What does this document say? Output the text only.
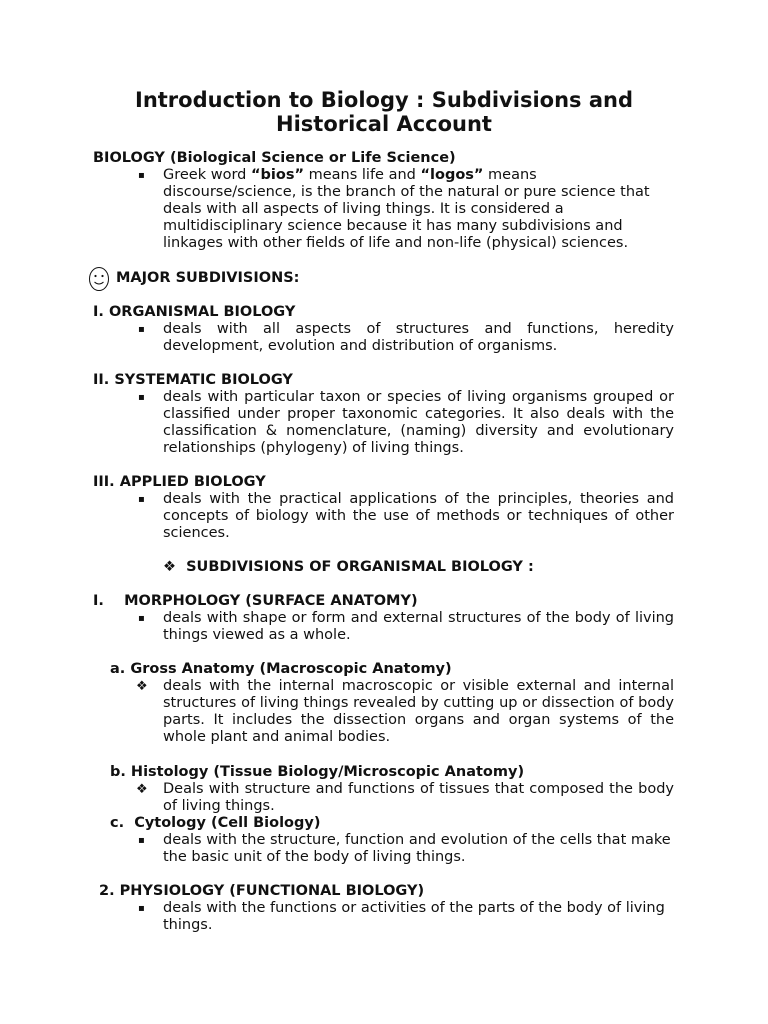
Introduction to Biology : Subdivisions and
Historical Account
BIOLOGY (Biological Science or Life Science)
▪ Greek word “bios” means life and “logos” means discourse/science, is the branch of the natural or pure science that deals with all aspects of living things. It is considered a multidisciplinary science because it has many subdivisions and linkages with other fields of life and non-life (physical) sciences.
MAJOR SUBDIVISIONS:
I. ORGANISMAL BIOLOGY
▪ deals with all aspects of structures and functions, heredity development, evolution and distribution of organisms.
II. SYSTEMATIC BIOLOGY
▪ deals with particular taxon or species of living organisms grouped or classified under proper taxonomic categories. It also deals with the classification & nomenclature, (naming) diversity and evolutionary relationships (phylogeny) of living things.
III. APPLIED BIOLOGY
▪ deals with the practical applications of the principles, theories and concepts of biology with the use of methods or techniques of other sciences.
❖ SUBDIVISIONS OF ORGANISMAL BIOLOGY :
I.    MORPHOLOGY (SURFACE ANATOMY)
▪ deals with shape or form and external structures of the body of living things viewed as a whole.
a. Gross Anatomy (Macroscopic Anatomy)
❖ deals with the internal macroscopic or visible external and internal structures of living things revealed by cutting up or dissection of body parts. It includes the dissection organs and organ systems of the whole plant and animal bodies.
b. Histology (Tissue Biology/Microscopic Anatomy)
❖ Deals with structure and functions of tissues that composed the body of living things.
c.  Cytology (Cell Biology)
▪ deals with the structure, function and evolution of the cells that make the basic unit of the body of living things.
2. PHYSIOLOGY (FUNCTIONAL BIOLOGY)
▪ deals with the functions or activities of the parts of the body of living things.
